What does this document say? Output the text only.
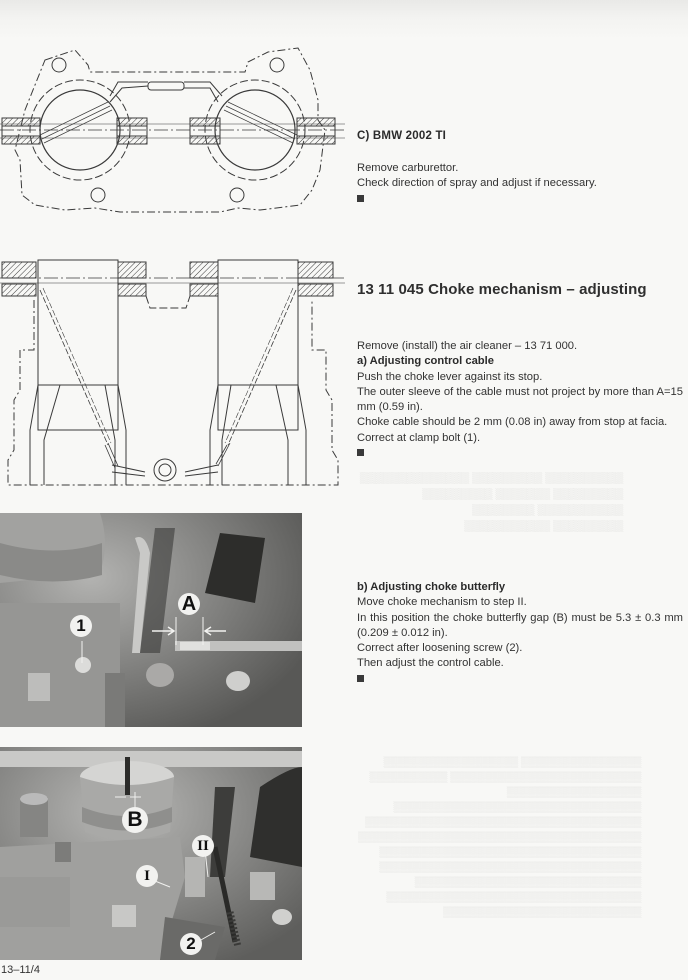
▒▒▒▒▒▒▒▒▒▒ ▒▒▒▒▒▒▒▒▒ ▒▒▒▒▒▒▒▒▒▒▒▒▒▒
▒▒▒▒▒▒▒▒▒ ▒▒▒▒▒▒▒ ▒▒▒▒▒▒▒▒▒
▒▒▒▒▒▒▒▒▒▒▒ ▒▒▒▒▒▒▒▒
▒▒▒▒▒▒▒▒▒ ▒▒▒▒▒▒▒▒▒▒▒
▒▒▒▒▒▒▒▒▒▒▒▒▒▒▒▒▒ ▒▒▒▒▒▒▒▒▒▒▒▒▒▒▒▒▒▒▒
▒▒▒▒▒▒▒▒▒▒▒▒▒▒▒▒▒▒▒▒▒▒▒▒▒▒▒ ▒▒▒▒▒▒▒▒▒▒▒
▒▒▒▒▒▒▒▒▒▒▒▒▒▒▒▒▒▒▒
▒▒▒▒▒▒▒▒▒▒▒▒▒▒▒▒▒▒▒▒▒▒▒▒▒▒▒▒▒▒▒▒▒▒▒
▒▒▒▒▒▒▒▒▒▒▒▒▒▒▒▒▒▒▒▒▒▒▒▒▒▒▒▒▒▒▒▒▒▒▒▒▒▒▒
▒▒▒▒▒▒▒▒▒▒▒▒▒▒▒▒▒▒▒▒▒▒▒▒▒▒▒▒▒▒▒▒▒▒▒▒▒▒▒▒
▒▒▒▒▒▒▒▒▒▒▒▒▒▒▒▒▒▒▒▒▒▒▒▒▒▒▒▒▒▒▒▒▒▒▒▒▒
▒▒▒▒▒▒▒▒▒▒▒▒▒▒▒▒▒▒▒▒▒▒▒▒▒▒▒▒▒▒▒▒▒▒▒▒▒
▒▒▒▒▒▒▒▒▒▒▒▒▒▒▒▒▒▒▒▒▒▒▒▒▒▒▒▒▒▒▒▒
▒▒▒▒▒▒▒▒▒▒▒▒▒▒▒▒▒▒▒▒▒▒▒▒▒▒▒▒▒▒▒▒▒▒▒▒
▒▒▒▒▒▒▒▒▒▒▒▒▒▒▒▒▒▒▒▒▒▒▒▒▒▒▒▒
C) BMW 2002 TI

Remove carburettor.

Check direction of spray and adjust if necessary.

13 11 045 Choke mechanism – adjusting

Remove (install) the air cleaner – 13 71 000.

a) Adjusting control cable

Push the choke lever against its stop.

The outer sleeve of the cable must not project by more than A=15 mm (0.59 in).

Choke cable should be 2 mm (0.08 in) away from stop at facia.

Correct at clamp bolt (1).

b) Adjusting choke butterfly

Move choke mechanism to step II.

In this position the choke butterfly gap (B) must be 5.3 ± 0.3 mm (0.209 ± 0.012 in).

Correct after loosening screw (2).

Then adjust the control cable.

1
A
B
II
I
2
13–11/4
